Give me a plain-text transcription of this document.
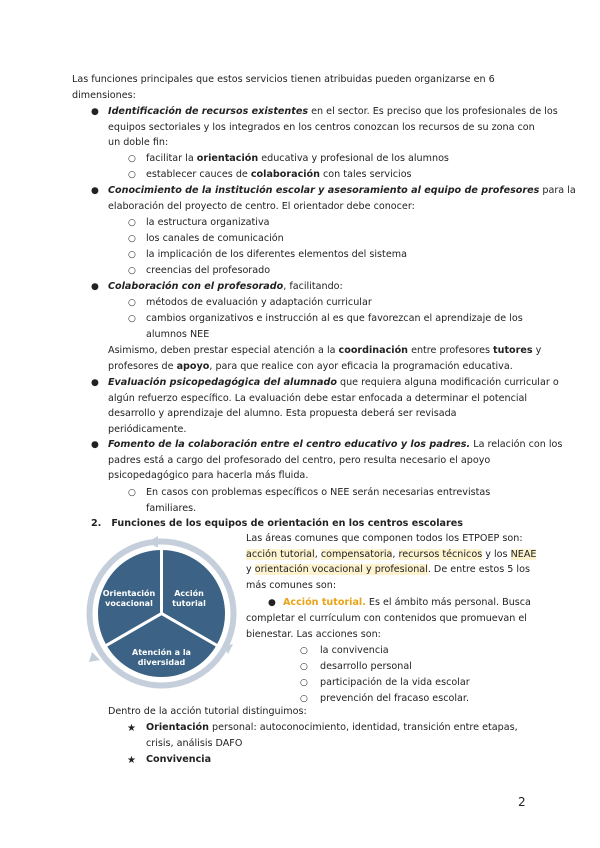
Las funciones principales que estos servicios tienen atribuidas pueden organizarse en 6
dimensiones:
● Identificación de recursos existentes en el sector. Es preciso que los profesionales de los
equipos sectoriales y los integrados en los centros conozcan los recursos de su zona con
un doble fin:
○ facilitar la orientación educativa y profesional de los alumnos
○ establecer cauces de colaboración con tales servicios
● Conocimiento de la institución escolar y asesoramiento al equipo de profesores para la
elaboración del proyecto de centro. El orientador debe conocer:
○ la estructura organizativa
○ los canales de comunicación
○ la implicación de los diferentes elementos del sistema
○ creencias del profesorado
● Colaboración con el profesorado, facilitando:
○ métodos de evaluación y adaptación curricular
○ cambios organizativos e instrucción al es que favorezcan el aprendizaje de los
alumnos NEE
Asimismo, deben prestar especial atención a la coordinación entre profesores tutores y
profesores de apoyo, para que realice con ayor eficacia la programación educativa.
● Evaluación psicopedagógica del alumnado que requiera alguna modificación curricular o
algún refuerzo específico. La evaluación debe estar enfocada a determinar el potencial
desarrollo y aprendizaje del alumno. Esta propuesta deberá ser revisada
periódicamente.
● Fomento de la colaboración entre el centro educativo y los padres. La relación con los
padres está a cargo del profesorado del centro, pero resulta necesario el apoyo
psicopedagógico para hacerla más fluida.
○ En casos con problemas específicos o NEE serán necesarias entrevistas
familiares.
2. Funciones de los equipos de orientación en los centros escolares
Orientación
vocacional
Acción
tutorial
Atención a la
diversidad
Las áreas comunes que componen todos los ETPOEP son:
acción tutorial, compensatoria, recursos técnicos y los NEAE
y orientación vocacional y profesional. De entre estos 5 los
más comunes son:
● Acción tutorial. Es el ámbito más personal. Busca
completar el currículum con contenidos que promuevan el
bienestar. Las acciones son:
○ la convivencia
○ desarrollo personal
○ participación de la vida escolar
○ prevención del fracaso escolar.
Dentro de la acción tutorial distinguimos:
★ Orientación personal: autoconocimiento, identidad, transición entre etapas,
crisis, análisis DAFO
★ Convivencia
2
